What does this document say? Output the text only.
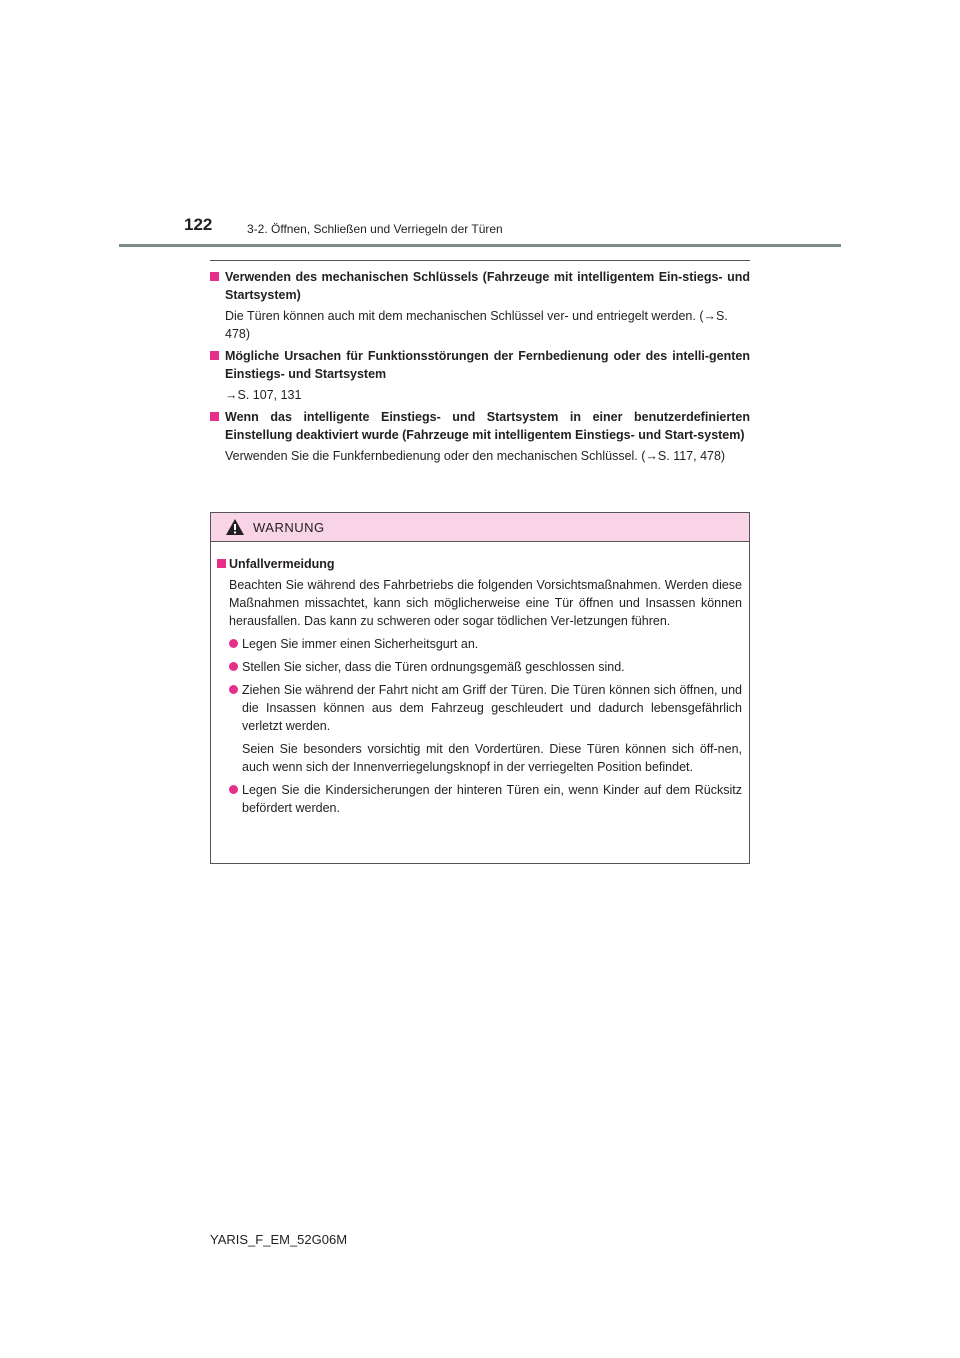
122	3-2. Öffnen, Schließen und Verriegeln der Türen
Verwenden des mechanischen Schlüssels (Fahrzeuge mit intelligentem Ein-stiegs- und Startsystem)
Die Türen können auch mit dem mechanischen Schlüssel ver- und entriegelt werden. (→S. 478)
Mögliche Ursachen für Funktionsstörungen der Fernbedienung oder des intelli-genten Einstiegs- und Startsystem
→S. 107, 131
Wenn das intelligente Einstiegs- und Startsystem in einer benutzerdefinierten Einstellung deaktiviert wurde (Fahrzeuge mit intelligentem Einstiegs- und Start-system)
Verwenden Sie die Funkfernbedienung oder den mechanischen Schlüssel. (→S. 117, 478)
WARNUNG
Unfallvermeidung
Beachten Sie während des Fahrbetriebs die folgenden Vorsichtsmaßnahmen. Werden diese Maßnahmen missachtet, kann sich möglicherweise eine Tür öffnen und Insassen können herausfallen. Das kann zu schweren oder sogar tödlichen Ver-letzungen führen.
Legen Sie immer einen Sicherheitsgurt an.
Stellen Sie sicher, dass die Türen ordnungsgemäß geschlossen sind.
Ziehen Sie während der Fahrt nicht am Griff der Türen. Die Türen können sich öffnen, und die Insassen können aus dem Fahrzeug geschleudert und dadurch lebensgefährlich verletzt werden.
Seien Sie besonders vorsichtig mit den Vordertüren. Diese Türen können sich öff-nen, auch wenn sich der Innenverriegelungsknopf in der verriegelten Position befindet.
Legen Sie die Kindersicherungen der hinteren Türen ein, wenn Kinder auf dem Rücksitz befördert werden.
YARIS_F_EM_52G06M
